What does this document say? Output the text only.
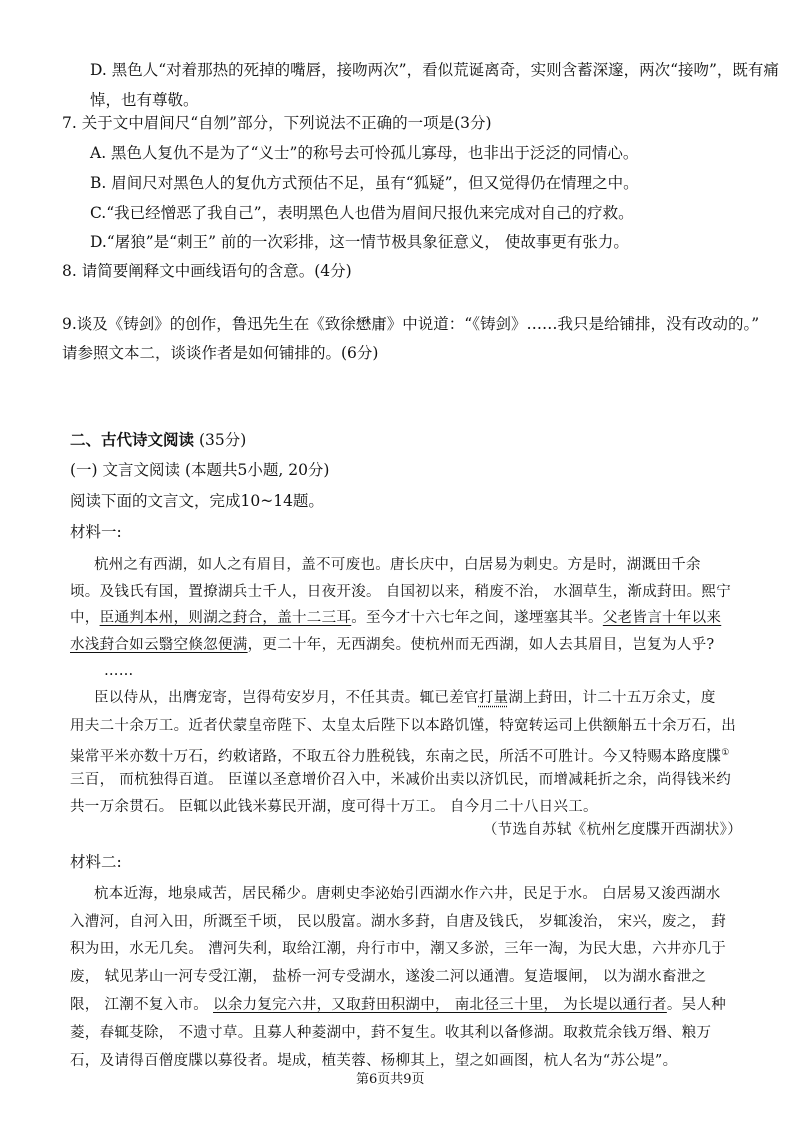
D. 黑色人“对着那热的死掉的嘴唇，接吻两次”，看似荒诞离奇，实则含蓄深邃，两次“接吻”，既有痛
悼，也有尊敬。
7. 关于文中眉间尺“自刎”部分，下列说法不正确的一项是(3分)
A. 黑色人复仇不是为了“义士”的称号去可怜孤儿寡母，也非出于泛泛的同情心。
B. 眉间尺对黑色人的复仇方式预估不足，虽有“狐疑”，但又觉得仍在情理之中。
C.“我已经憎恶了我自己”，表明黑色人也借为眉间尺报仇来完成对自己的疗救。
D.“屠狼”是“刺王” 前的一次彩排，这一情节极具象征意义， 使故事更有张力。
8. 请简要阐释文中画线语句的含意。(4分)
9.谈及《铸剑》的创作，鲁迅先生在《致徐懋庸》中说道：“《铸剑》……我只是给铺排，没有改动的。”
请参照文本二，谈谈作者是如何铺排的。(6分)
二、古代诗文阅读 (35分)
(一) 文言文阅读 (本题共5小题, 20分)
阅读下面的文言文，完成10~14题。
材料一:
杭州之有西湖，如人之有眉目，盖不可废也。唐长庆中，白居易为刺史。方是时，湖溉田千余
顷。及钱氏有国，置撩湖兵士千人，日夜开浚。 自国初以来，稍废不治， 水涸草生，渐成葑田。熙宁
中，臣通判本州，则湖之葑合，盖十二三耳。至今才十六七年之间，遂堙塞其半。父老皆言十年以来
水浅葑合如云翳空倏忽便满，更二十年，无西湖矣。使杭州而无西湖，如人去其眉目，岂复为人乎?
……
臣以侍从，出膺宠寄，岂得苟安岁月，不任其责。辄已差官打量湖上葑田，计二十五万余丈，度
用夫二十余万工。近者伏蒙皇帝陛下、太皇太后陛下以本路饥馑，特宽转运司上供额斛五十余万石，出
粜常平米亦数十万石，约敕诸路，不取五谷力胜税钱，东南之民，所活不可胜计。今又特赐本路度牒①
三百， 而杭独得百道。 臣谨以圣意增价召入中，米减价出卖以济饥民，而增减耗折之余，尚得钱米约
共一万余贯石。 臣辄以此钱米募民开湖，度可得十万工。 自今月二十八日兴工。
（节选自苏轼《杭州乞度牒开西湖状》）
材料二:
杭本近海，地泉咸苦，居民稀少。唐刺史李泌始引西湖水作六井，民足于水。 白居易又浚西湖水
入漕河，自河入田，所溉至千顷， 民以殷富。湖水多葑，自唐及钱氏， 岁辄浚治， 宋兴，废之， 葑
积为田，水无几矣。 漕河失利，取给江潮，舟行市中，潮又多淤，三年一淘，为民大患，六井亦几于
废， 轼见茅山一河专受江潮， 盐桥一河专受湖水，遂浚二河以通漕。复造堰闸， 以为湖水畜泄之
限， 江潮不复入市。 以余力复完六井，又取葑田积湖中， 南北径三十里， 为长堤以通行者。吴人种
菱，春辄芟除， 不遗寸草。且募人种菱湖中，葑不复生。收其利以备修湖。取救荒余钱万缗、粮万
石，及请得百僧度牒以募役者。堤成，植芙蓉、杨柳其上，望之如画图，杭人名为“苏公堤”。
第6页共9页
